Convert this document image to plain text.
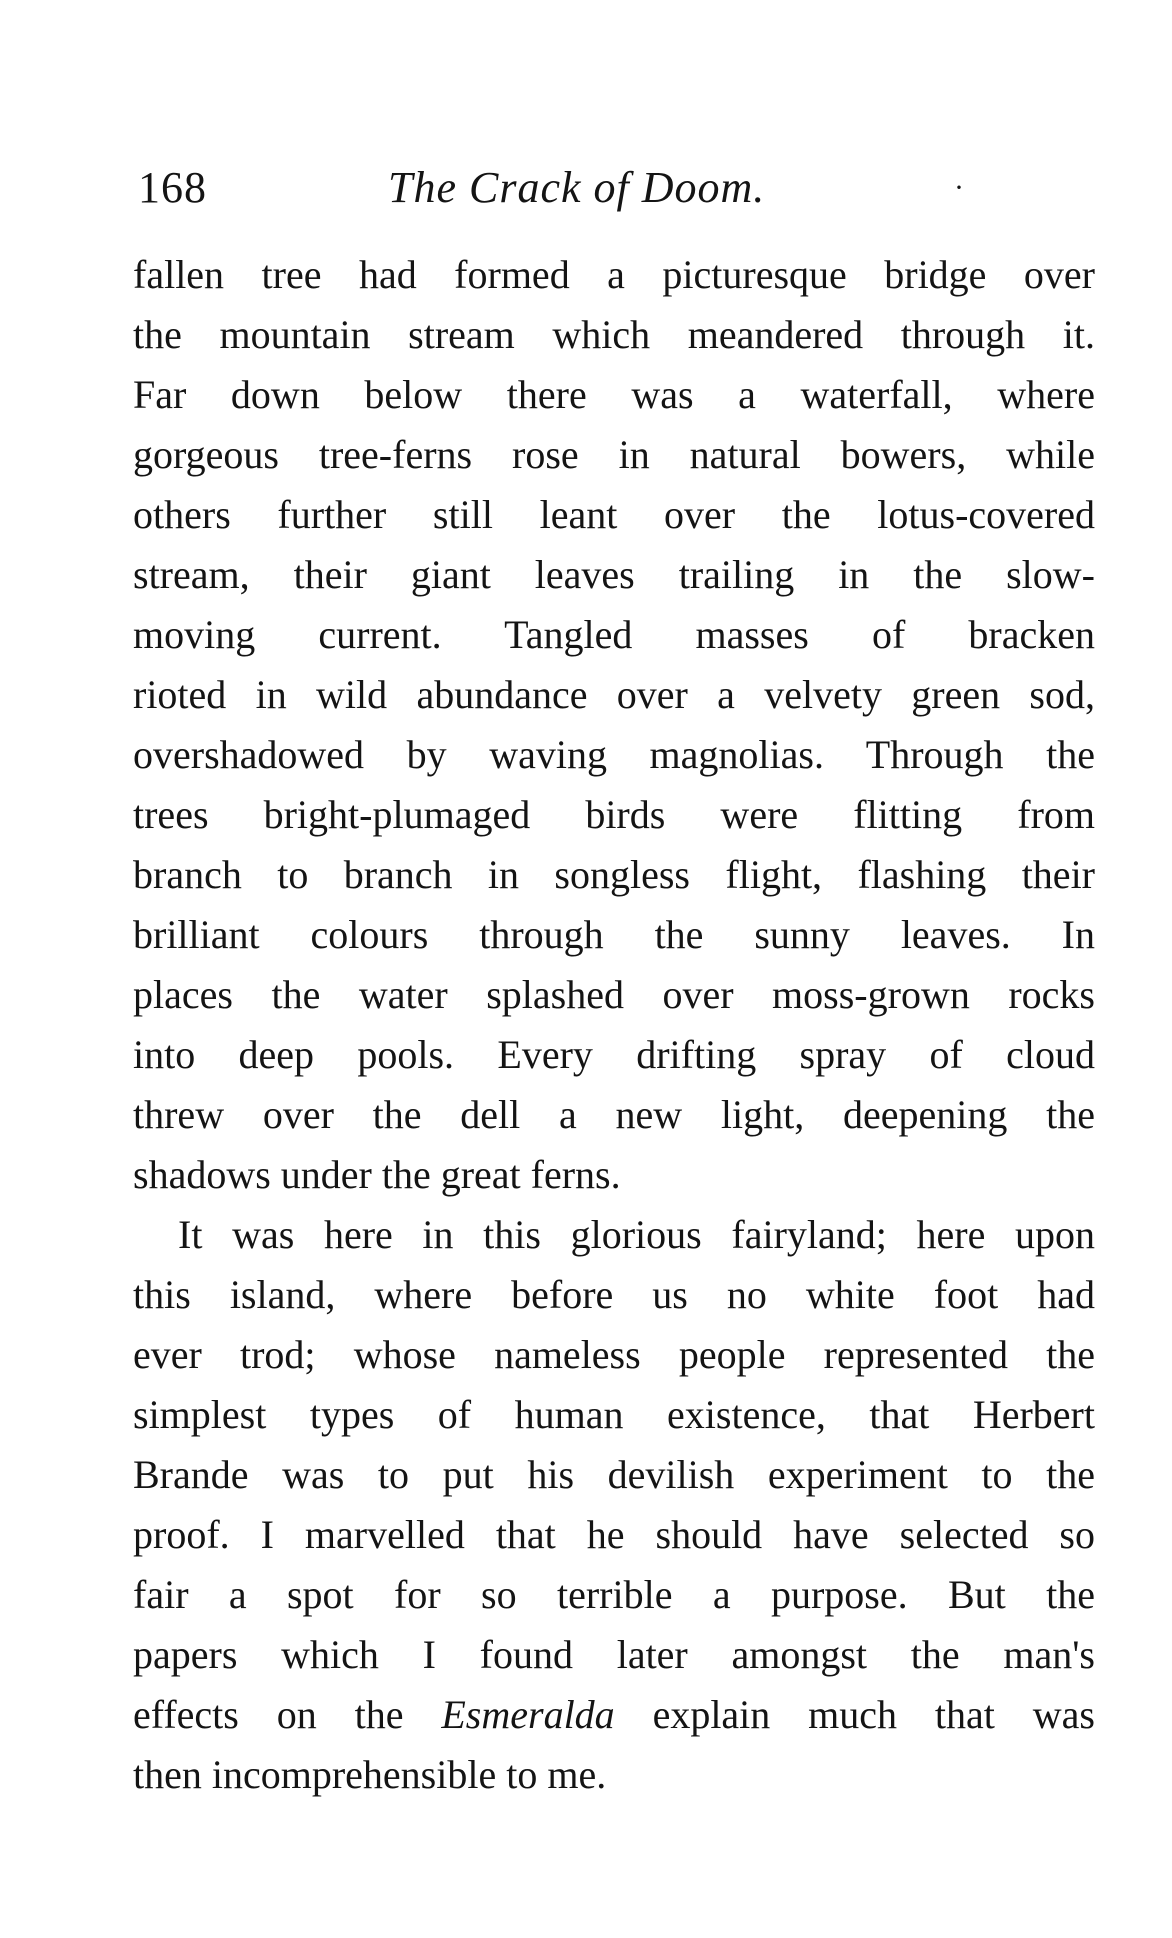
168	The Crack of Doom.	·
fallen tree had formed a picturesque bridge over
the mountain stream which meandered through it.
Far down below there was a waterfall, where
gorgeous tree-ferns rose in natural bowers, while
others further still leant over the lotus-covered
stream, their giant leaves trailing in the slow-
moving current. Tangled masses of bracken
rioted in wild abundance over a velvety green sod,
overshadowed by waving magnolias. Through the
trees bright-plumaged birds were flitting from
branch to branch in songless flight, flashing their
brilliant colours through the sunny leaves. In
places the water splashed over moss-grown rocks
into deep pools. Every drifting spray of cloud
threw over the dell a new light, deepening the
shadows under the great ferns.
It was here in this glorious fairyland; here upon
this island, where before us no white foot had
ever trod; whose nameless people represented the
simplest types of human existence, that Herbert
Brande was to put his devilish experiment to the
proof. I marvelled that he should have selected so
fair a spot for so terrible a purpose. But the
papers which I found later amongst the man's
effects on the Esmeralda explain much that was
then incomprehensible to me.
